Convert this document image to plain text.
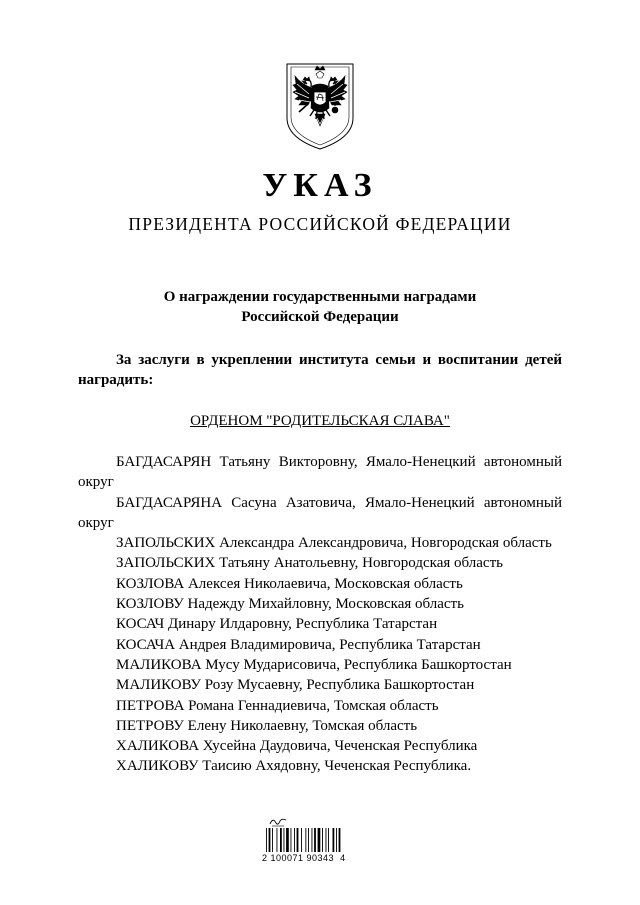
УКАЗ
ПРЕЗИДЕНТА РОССИЙСКОЙ ФЕДЕРАЦИИ
О награждении государственными наградами Российской Федерации
За заслуги в укреплении института семьи и воспитании детей наградить:
ОРДЕНОМ "РОДИТЕЛЬСКАЯ СЛАВА"

БАГДАСАРЯН Татьяну Викторовну, Ямало-Ненецкий автономный округ

БАГДАСАРЯНА Сасуна Азатовича, Ямало-Ненецкий автономный округ

ЗАПОЛЬСКИХ Александра Александровича, Новгородская область

ЗАПОЛЬСКИХ Татьяну Анатольевну, Новгородская область

КОЗЛОВА Алексея Николаевича, Московская область

КОЗЛОВУ Надежду Михайловну, Московская область

КОСАЧ Динару Илдаровну, Республика Татарстан

КОСАЧА Андрея Владимировича, Республика Татарстан

МАЛИКОВА Мусу Мударисовича, Республика Башкортостан

МАЛИКОВУ Розу Мусаевну, Республика Башкортостан

ПЕТРОВА Романа Геннадиевича, Томская область

ПЕТРОВУ Елену Николаевну, Томская область

ХАЛИКОВА Хусейна Даудовича, Чеченская Республика

ХАЛИКОВУ Таисию Ахядовну, Чеченская Республика.

2 100071 90343  4
